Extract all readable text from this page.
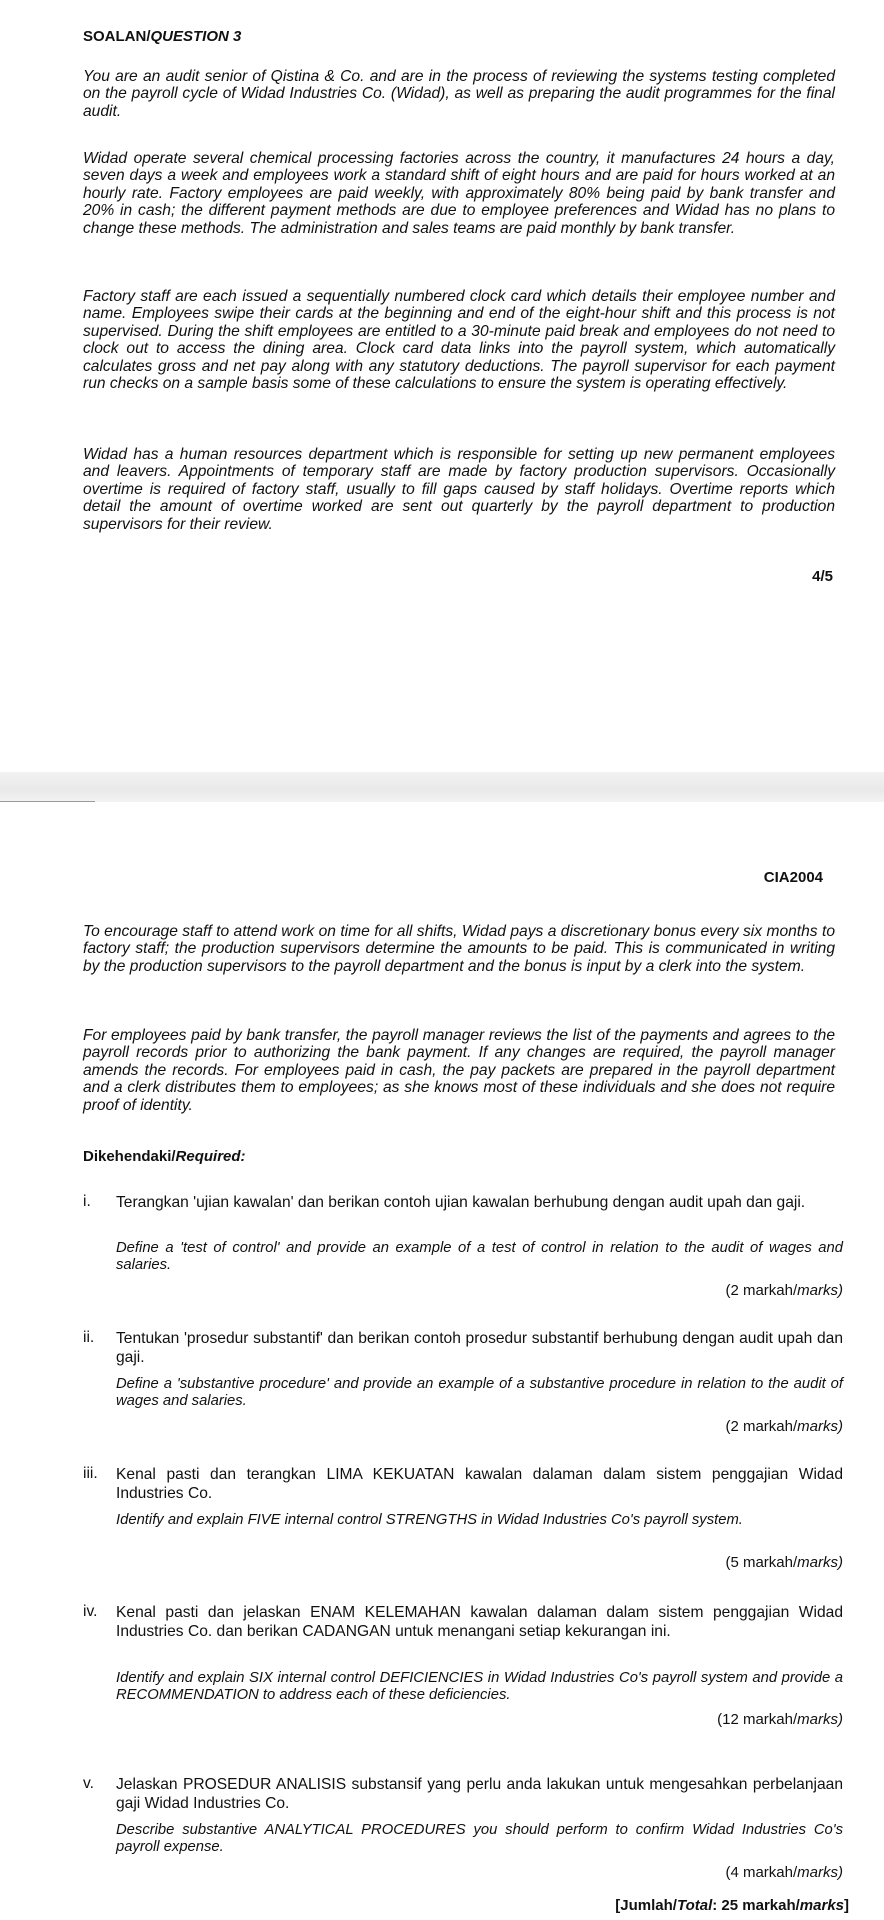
SOALAN/QUESTION 3

You are an audit senior of Qistina & Co. and are in the process of reviewing the systems testing completed on the payroll cycle of Widad Industries Co. (Widad), as well as preparing the audit programmes for the final audit.

Widad operate several chemical processing factories across the country, it manufactures 24 hours a day, seven days a week and employees work a standard shift of eight hours and are paid for hours worked at an hourly rate. Factory employees are paid weekly, with approximately 80% being paid by bank transfer and 20% in cash; the different payment methods are due to employee preferences and Widad has no plans to change these methods. The administration and sales teams are paid monthly by bank transfer.

Factory staff are each issued a sequentially numbered clock card which details their employee number and name. Employees swipe their cards at the beginning and end of the eight-hour shift and this process is not supervised. During the shift employees are entitled to a 30-minute paid break and employees do not need to clock out to access the dining area. Clock card data links into the payroll system, which automatically calculates gross and net pay along with any statutory deductions. The payroll supervisor for each payment run checks on a sample basis some of these calculations to ensure the system is operating effectively.

Widad has a human resources department which is responsible for setting up new permanent employees and leavers. Appointments of temporary staff are made by factory production supervisors. Occasionally overtime is required of factory staff, usually to fill gaps caused by staff holidays. Overtime reports which detail the amount of overtime worked are sent out quarterly by the payroll department to production supervisors for their review.

4/5
CIA2004

To encourage staff to attend work on time for all shifts, Widad pays a discretionary bonus every six months to factory staff; the production supervisors determine the amounts to be paid. This is communicated in writing by the production supervisors to the payroll department and the bonus is input by a clerk into the system.

For employees paid by bank transfer, the payroll manager reviews the list of the payments and agrees to the payroll records prior to authorizing the bank payment. If any changes are required, the payroll manager amends the records. For employees paid in cash, the pay packets are prepared in the payroll department and a clerk distributes them to employees; as she knows most of these individuals and she does not require proof of identity.

Dikehendaki/Required:
i. Terangkan 'ujian kawalan' dan berikan contoh ujian kawalan berhubung dengan audit upah dan gaji.

Define a 'test of control' and provide an example of a test of control in relation to the audit of wages and salaries.

(2 markah/marks)
ii. Tentukan 'prosedur substantif' dan berikan contoh prosedur substantif berhubung dengan audit upah dan gaji.

Define a 'substantive procedure' and provide an example of a substantive procedure in relation to the audit of wages and salaries.

(2 markah/marks)
iii. Kenal pasti dan terangkan LIMA KEKUATAN kawalan dalaman dalam sistem penggajian Widad Industries Co.

Identify and explain FIVE internal control STRENGTHS in Widad Industries Co's payroll system.

(5 markah/marks)
iv. Kenal pasti dan jelaskan ENAM KELEMAHAN kawalan dalaman dalam sistem penggajian Widad Industries Co. dan berikan CADANGAN untuk menangani setiap kekurangan ini.

Identify and explain SIX internal control DEFICIENCIES in Widad Industries Co's payroll system and provide a RECOMMENDATION to address each of these deficiencies.

(12 markah/marks)
v. Jelaskan PROSEDUR ANALISIS substansif yang perlu anda lakukan untuk mengesahkan perbelanjaan gaji Widad Industries Co.

Describe substantive ANALYTICAL PROCEDURES you should perform to confirm Widad Industries Co's payroll expense.

(4 markah/marks)
[Jumlah/Total: 25 markah/marks]
